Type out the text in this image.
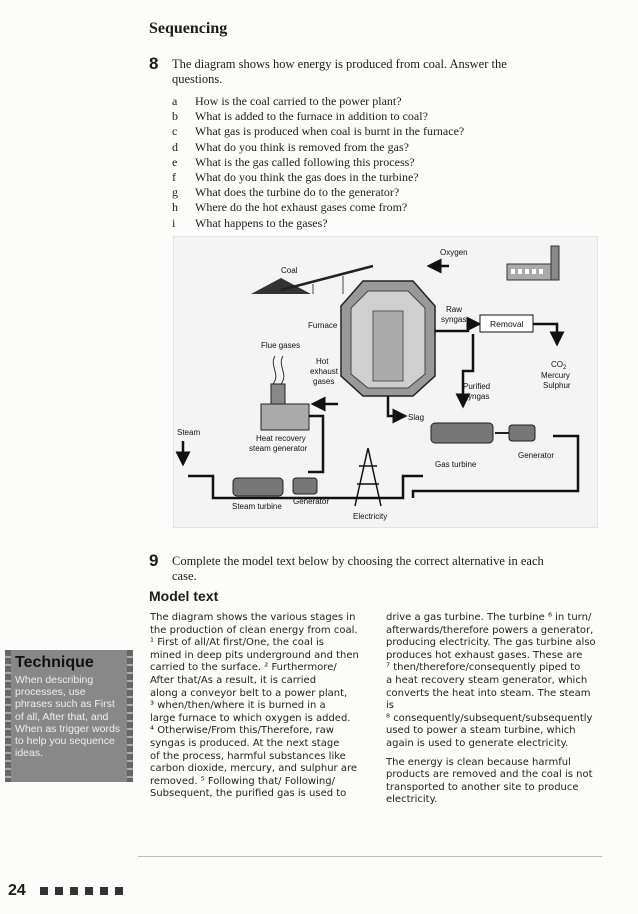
Sequencing
8 The diagram shows how energy is produced from coal. Answer the
questions.
a	How is the coal carried to the power plant?
b	What is added to the furnace in addition to coal?
c	What gas is produced when coal is burnt in the furnace?
d	What do you think is removed from the gas?
e	What is the gas called following this process?
f	What do you think the gas does in the turbine?
g	What does the turbine do to the generator?
h	Where do the hot exhaust gases come from?
i	What happens to the gases?
Coal
Oxygen
Furnace
Raw
syngas	Removal
$CO_2$
Mercury
Sulphur
Purified
syngas
Slag
Flue gases
Hot
exhaust
gases
Heat recovery
steam generator
Steam
Gas turbine
Generator
Steam turbine
Generator
Electricity
9 Complete the model text below by choosing the correct alternative in each
case.
Model text
The diagram shows the various stages in
the production of clean energy from coal.
¹ First of all/At first/One, the coal is
mined in deep pits underground and then
carried to the surface. ² Furthermore/
After that/As a result, it is carried
along a conveyor belt to a power plant,
³ when/then/where it is burned in a
large furnace to which oxygen is added.
⁴ Otherwise/From this/Therefore, raw
syngas is produced. At the next stage
of the process, harmful substances like
carbon dioxide, mercury, and sulphur are
removed. ⁵ Following that/ Following/
Subsequent, the purified gas is used to
drive a gas turbine. The turbine ⁶ in turn/
afterwards/therefore powers a generator,
producing electricity. The gas turbine also
produces hot exhaust gases. These are
⁷ then/therefore/consequently piped to
a heat recovery steam generator, which
converts the heat into steam. The steam is
⁸ consequently/subsequent/subsequently
used to power a steam turbine, which
again is used to generate electricity.
The energy is clean because harmful
products are removed and the coal is not
transported to another site to produce
electricity.
Technique
When describing processes, use phrases such as First of all, After that, and When as trigger words to help you sequence ideas.
24
